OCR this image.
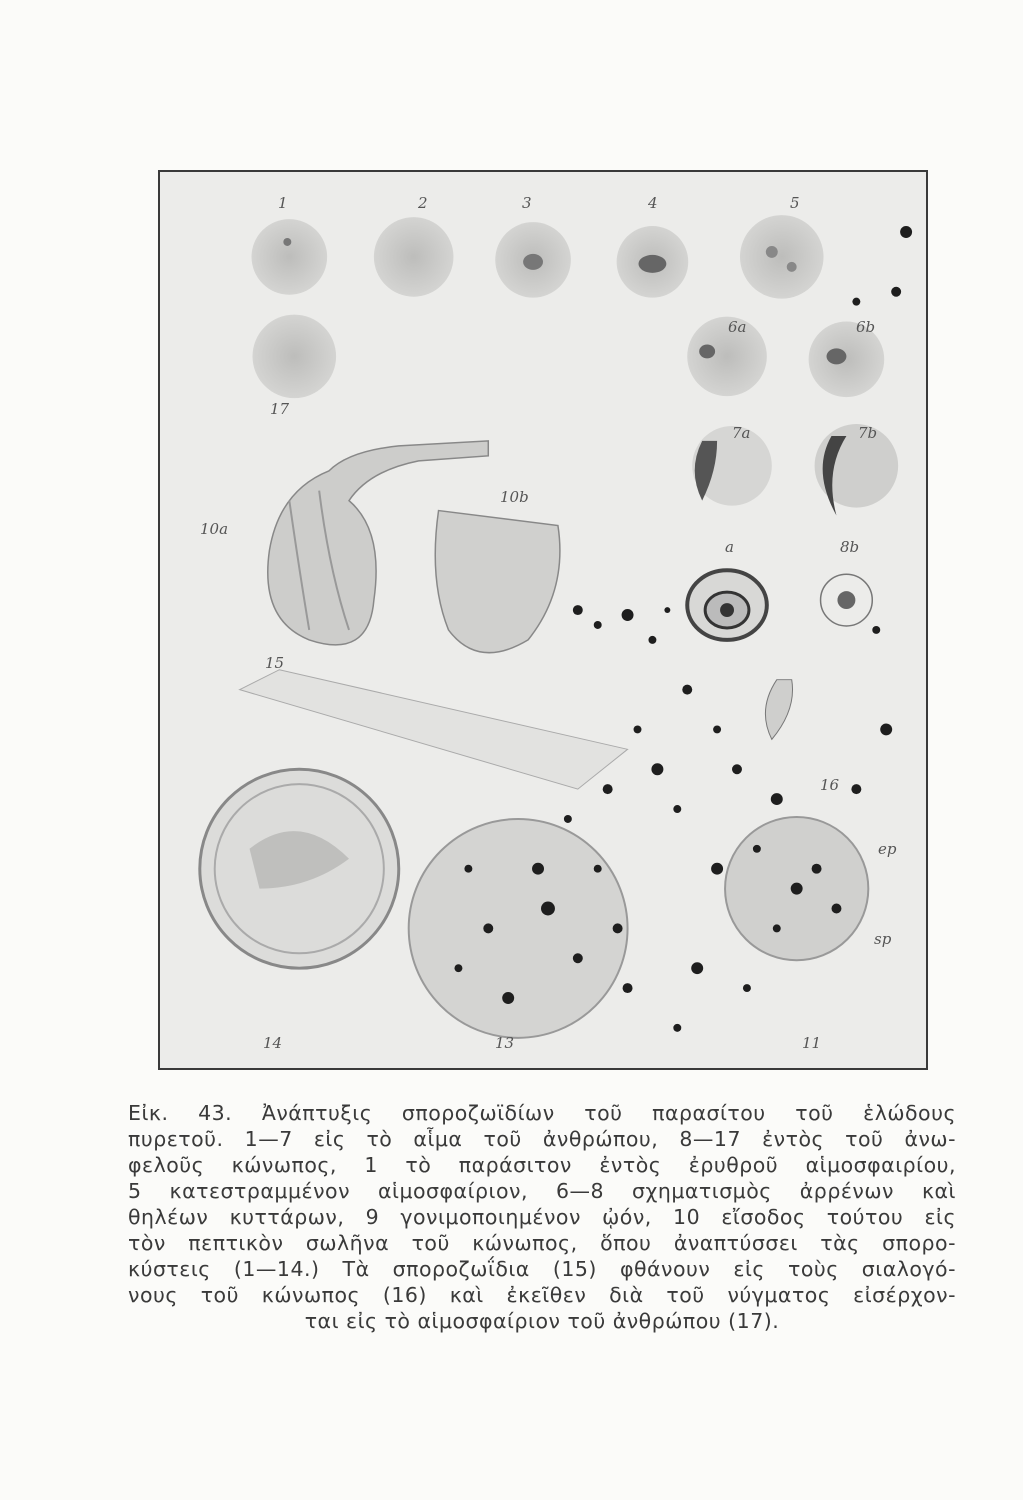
1	2	3	4	5
6a	6b
17
7a	7b
10b
10a
a	8b
15
16
ep
sp
14	13	11
Εἰκ. 43. Ἀνάπτυξις σποροζωϊδίων τοῦ παρασίτου τοῦ ἑλώδους
πυρετοῦ. 1—7 εἰς τὸ αἷμα τοῦ ἀνθρώπου, 8—17 ἐντὸς τοῦ ἀνω-
φελοῦς κώνωπος, 1 τὸ παράσιτον ἐντὸς ἐρυθροῦ αἱμοσφαιρίου,
5 κατεστραμμένον αἱμοσφαίριον, 6—8 σχηματισμὸς ἀρρένων καὶ
θηλέων κυττάρων, 9 γονιμοποιημένον ᾠόν, 10 εἴσοδος τούτου εἰς
τὸν πεπτικὸν σωλῆνα τοῦ κώνωπος, ὅπου ἀναπτύσσει τὰς σπορο-
κύστεις (1—14.) Τὰ σποροζωΐδια (15) φθάνουν εἰς τοὺς σιαλογό-
νους τοῦ κώνωπος (16) καὶ ἐκεῖθεν διὰ τοῦ νύγματος εἰσέρχον-
ται εἰς τὸ αἱμοσφαίριον τοῦ ἀνθρώπου (17).
